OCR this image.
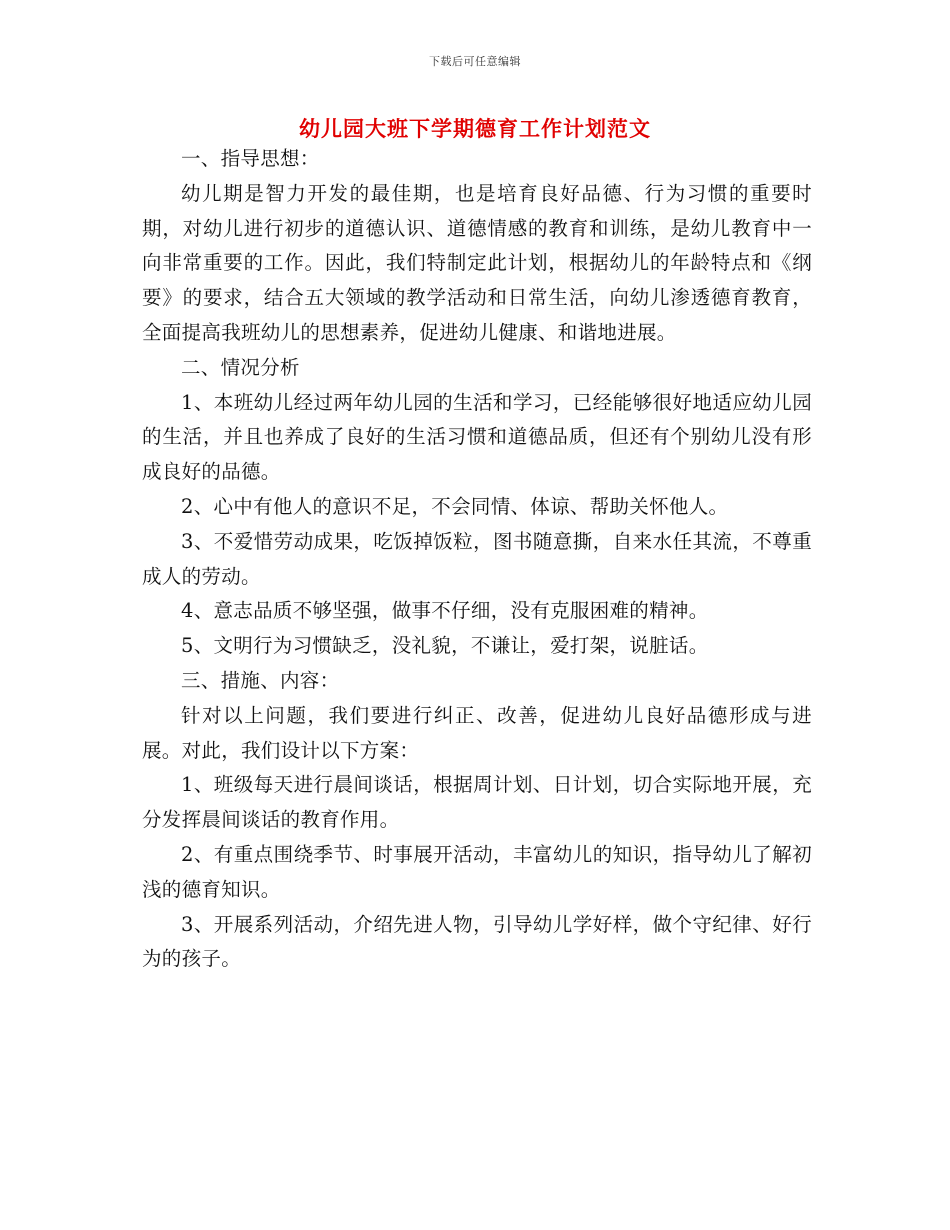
下载后可任意编辑
幼儿园大班下学期德育工作计划范文

一、指导思想：

幼儿期是智力开发的最佳期，也是培育良好品德、行为习惯的重要时期，对幼儿进行初步的道德认识、道德情感的教育和训练，是幼儿教育中一向非常重要的工作。因此，我们特制定此计划，根据幼儿的年龄特点和《纲要》的要求，结合五大领域的教学活动和日常生活，向幼儿渗透德育教育，全面提高我班幼儿的思想素养，促进幼儿健康、和谐地进展。

二、情况分析

1、本班幼儿经过两年幼儿园的生活和学习，已经能够很好地适应幼儿园的生活，并且也养成了良好的生活习惯和道德品质，但还有个别幼儿没有形成良好的品德。

2、心中有他人的意识不足，不会同情、体谅、帮助关怀他人。

3、不爱惜劳动成果，吃饭掉饭粒，图书随意撕，自来水任其流，不尊重成人的劳动。

4、意志品质不够坚强，做事不仔细，没有克服困难的精神。

5、文明行为习惯缺乏，没礼貌，不谦让，爱打架，说脏话。

三、措施、内容：

针对以上问题，我们要进行纠正、改善，促进幼儿良好品德形成与进展。对此，我们设计以下方案：

1、班级每天进行晨间谈话，根据周计划、日计划，切合实际地开展，充分发挥晨间谈话的教育作用。

2、有重点围绕季节、时事展开活动，丰富幼儿的知识，指导幼儿了解初浅的德育知识。

3、开展系列活动，介绍先进人物，引导幼儿学好样，做个守纪律、好行为的孩子。
